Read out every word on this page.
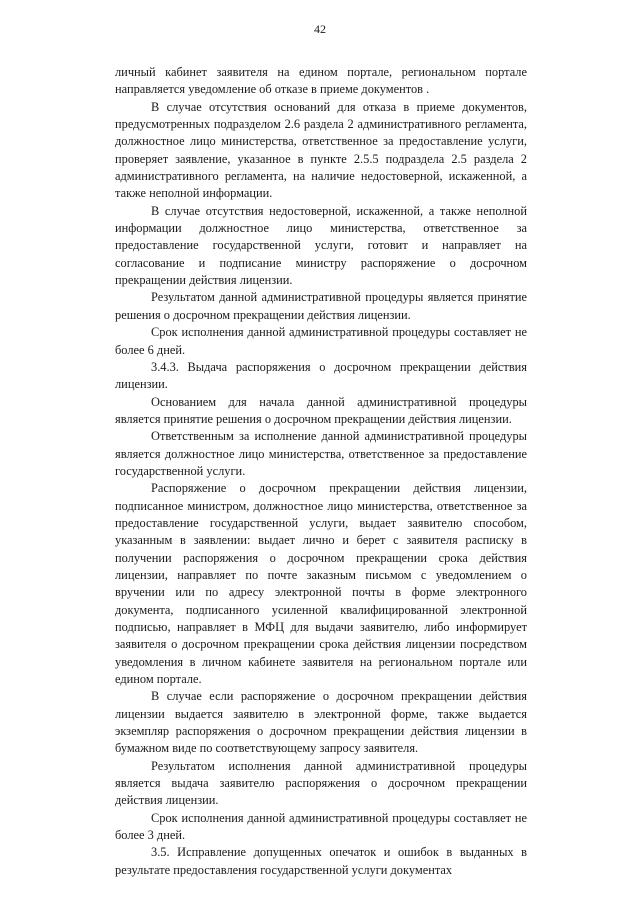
42

личный кабинет заявителя на едином портале, региональном портале направляется уведомление об отказе в приеме документов .

В случае отсутствия оснований для отказа в приеме документов, предусмотренных подразделом 2.6 раздела 2 административного регламента, должностное лицо министерства, ответственное за предоставление услуги, проверяет заявление, указанное в пункте 2.5.5 подраздела 2.5 раздела 2 административного регламента, на наличие недостоверной, искаженной, а также неполной информации.

В случае отсутствия недостоверной, искаженной, а также неполной информации должностное лицо министерства, ответственное за предоставление государственной услуги, готовит и направляет на согласование и подписание министру распоряжение о досрочном прекращении действия лицензии.

Результатом данной административной процедуры является принятие решения о досрочном прекращении действия лицензии.

Срок исполнения данной административной процедуры составляет не более 6 дней.

3.4.3. Выдача распоряжения о досрочном прекращении действия лицензии.

Основанием для начала данной административной процедуры является принятие решения о досрочном прекращении действия лицензии.

Ответственным за исполнение данной административной процедуры является должностное лицо министерства, ответственное за предоставление государственной услуги.

Распоряжение о досрочном прекращении действия лицензии, подписанное министром, должностное лицо министерства, ответственное за предоставление государственной услуги, выдает заявителю способом, указанным в заявлении: выдает лично и берет с заявителя расписку в получении распоряжения о досрочном прекращении срока действия лицензии, направляет по почте заказным письмом с уведомлением о вручении или по адресу электронной почты в форме электронного документа, подписанного усиленной квалифицированной электронной подписью, направляет в МФЦ для выдачи заявителю, либо информирует заявителя о досрочном прекращении срока действия лицензии посредством уведомления в личном кабинете заявителя на региональном портале или едином портале.

В случае если распоряжение о досрочном прекращении действия лицензии выдается заявителю в электронной форме, также выдается экземпляр распоряжения о досрочном прекращении действия лицензии в бумажном виде по соответствующему запросу заявителя.

Результатом исполнения данной административной процедуры является выдача заявителю распоряжения о досрочном прекращении действия лицензии.

Срок исполнения данной административной процедуры составляет не более 3 дней.

3.5. Исправление допущенных опечаток и ошибок в выданных в результате предоставления государственной услуги документах
